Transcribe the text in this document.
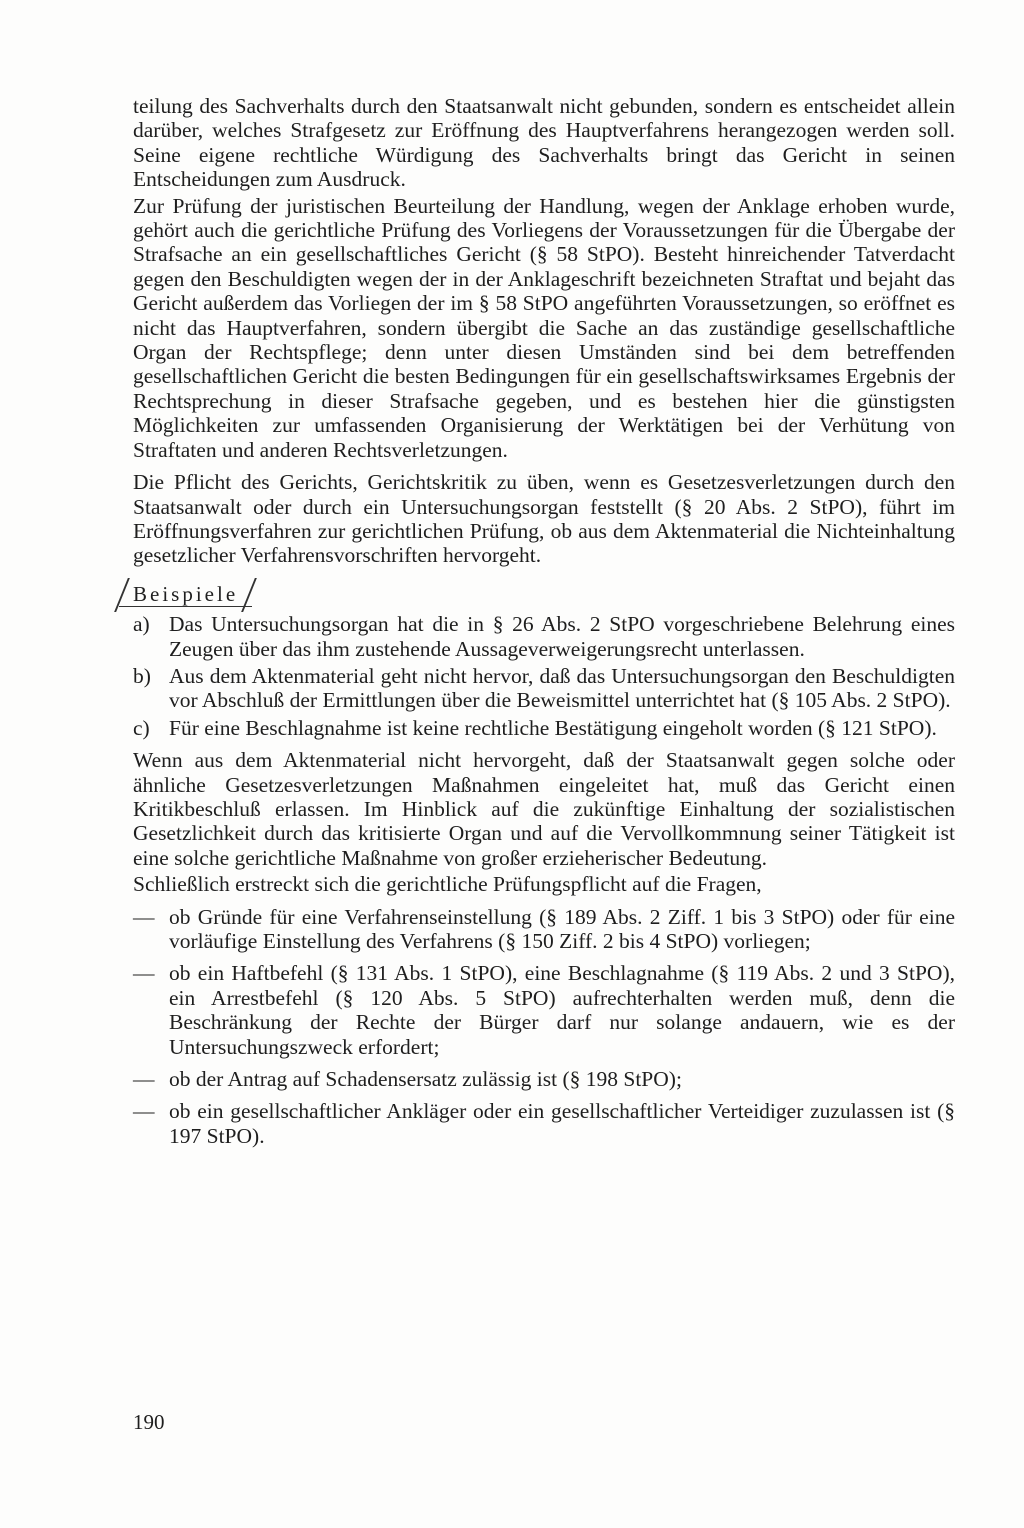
teilung des Sachverhalts durch den Staatsanwalt nicht gebunden, sondern es entscheidet allein darüber, welches Strafgesetz zur Eröffnung des Hauptverfahrens herangezogen werden soll. Seine eigene rechtliche Würdigung des Sachverhalts bringt das Gericht in seinen Entscheidungen zum Ausdruck.

Zur Prüfung der juristischen Beurteilung der Handlung, wegen der Anklage erhoben wurde, gehört auch die gerichtliche Prüfung des Vorliegens der Voraussetzungen für die Übergabe der Strafsache an ein gesellschaftliches Gericht (§ 58 StPO). Besteht hinreichender Tatverdacht gegen den Beschuldigten wegen der in der Anklageschrift bezeichneten Straftat und bejaht das Gericht außerdem das Vorliegen der im § 58 StPO angeführten Voraussetzungen, so eröffnet es nicht das Hauptverfahren, sondern übergibt die Sache an das zuständige gesellschaftliche Organ der Rechtspflege; denn unter diesen Umständen sind bei dem betreffenden gesellschaftlichen Gericht die besten Bedingungen für ein gesellschaftswirksames Ergebnis der Rechtsprechung in dieser Strafsache gegeben, und es bestehen hier die günstigsten Möglichkeiten zur umfassenden Organisierung der Werktätigen bei der Verhütung von Straftaten und anderen Rechtsverletzungen.

Die Pflicht des Gerichts, Gerichtskritik zu üben, wenn es Gesetzesverletzungen durch den Staatsanwalt oder durch ein Untersuchungsorgan feststellt (§ 20 Abs. 2 StPO), führt im Eröffnungsverfahren zur gerichtlichen Prüfung, ob aus dem Aktenmaterial die Nichteinhaltung gesetzlicher Verfahrensvorschriften hervorgeht.

Beispiele
a) Das Untersuchungsorgan hat die in § 26 Abs. 2 StPO vorgeschriebene Belehrung eines Zeugen über das ihm zustehende Aussageverweigerungsrecht unterlassen.
b) Aus dem Aktenmaterial geht nicht hervor, daß das Untersuchungsorgan den Beschuldigten vor Abschluß der Ermittlungen über die Beweismittel unterrichtet hat (§ 105 Abs. 2 StPO).
c) Für eine Beschlagnahme ist keine rechtliche Bestätigung eingeholt worden (§ 121 StPO).

Wenn aus dem Aktenmaterial nicht hervorgeht, daß der Staatsanwalt gegen solche oder ähnliche Gesetzesverletzungen Maßnahmen eingeleitet hat, muß das Gericht einen Kritikbeschluß erlassen. Im Hinblick auf die zukünftige Einhaltung der sozialistischen Gesetzlichkeit durch das kritisierte Organ und auf die Vervollkommnung seiner Tätigkeit ist eine solche gerichtliche Maßnahme von großer erzieherischer Bedeutung.

Schließlich erstreckt sich die gerichtliche Prüfungspflicht auf die Fragen,

— ob Gründe für eine Verfahrenseinstellung (§ 189 Abs. 2 Ziff. 1 bis 3 StPO) oder für eine vorläufige Einstellung des Verfahrens (§ 150 Ziff. 2 bis 4 StPO) vorliegen;
— ob ein Haftbefehl (§ 131 Abs. 1 StPO), eine Beschlagnahme (§ 119 Abs. 2 und 3 StPO), ein Arrestbefehl (§ 120 Abs. 5 StPO) aufrechterhalten werden muß, denn die Beschränkung der Rechte der Bürger darf nur solange andauern, wie es der Untersuchungszweck erfordert;
— ob der Antrag auf Schadensersatz zulässig ist (§ 198 StPO);
— ob ein gesellschaftlicher Ankläger oder ein gesellschaftlicher Verteidiger zuzulassen ist (§ 197 StPO).
190
